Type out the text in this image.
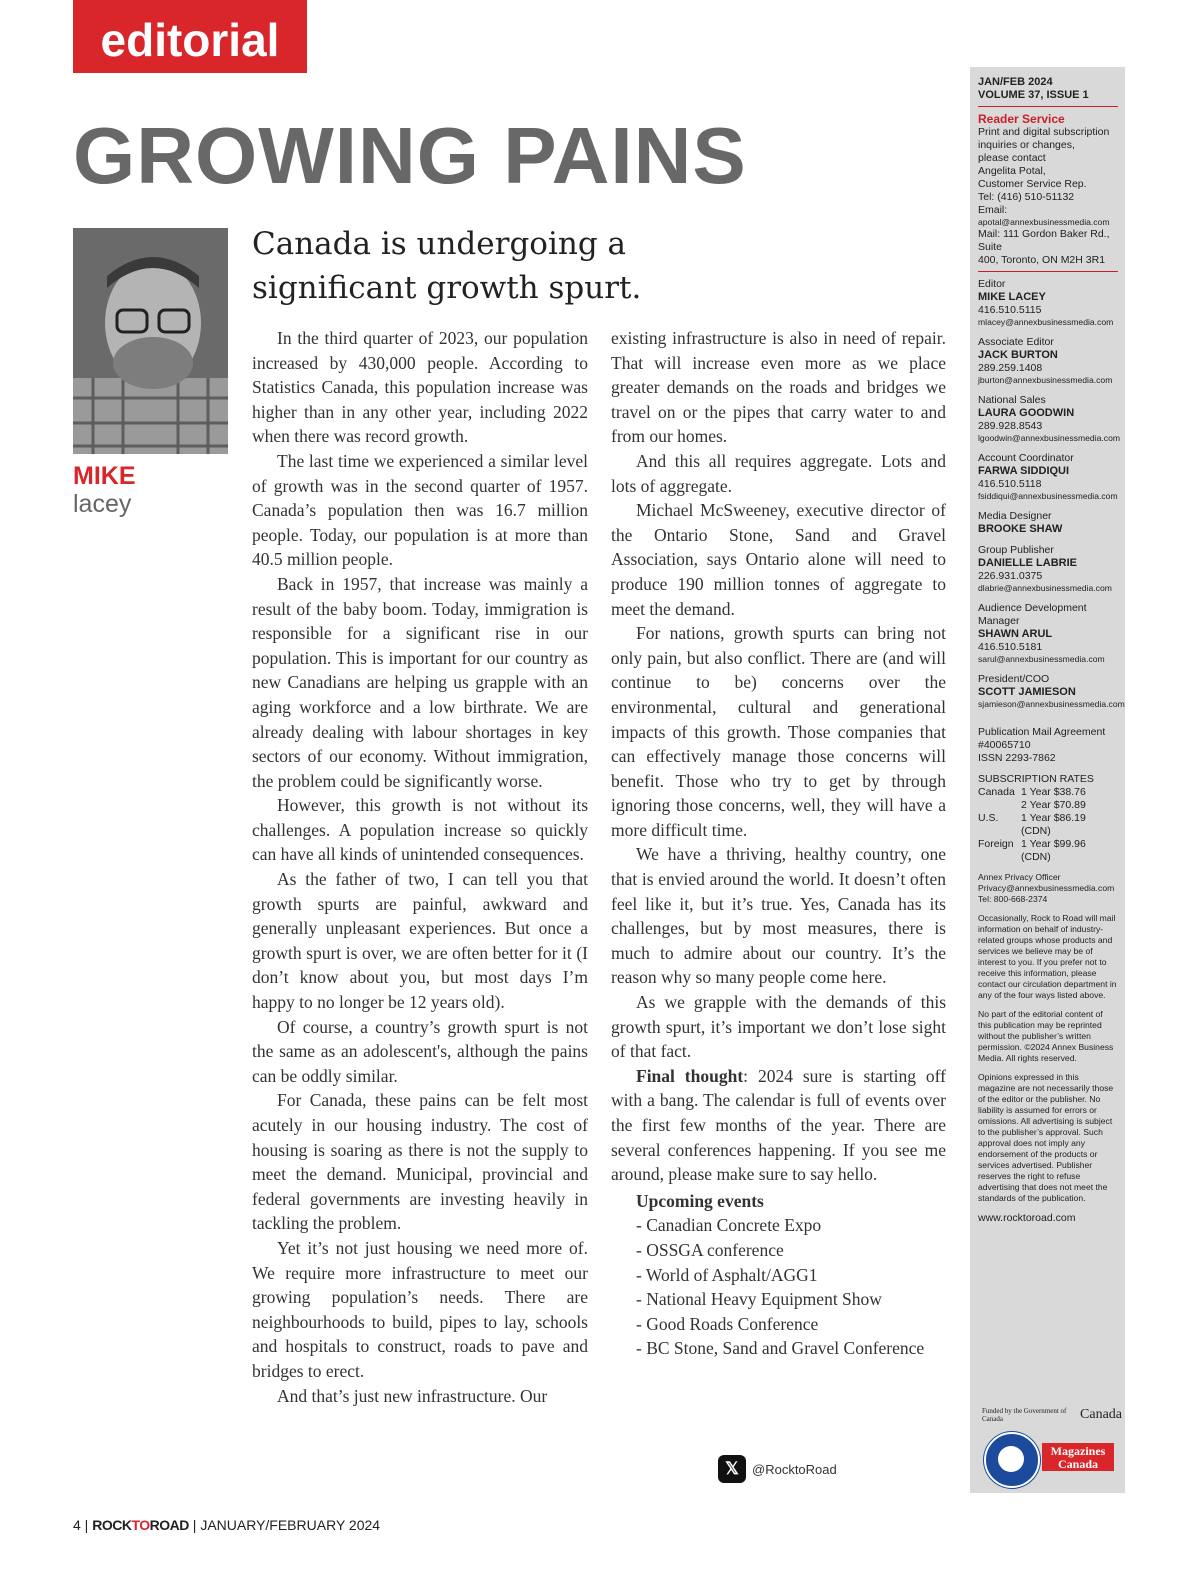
editorial
GROWING PAINS
MIKE
lacey
Canada is undergoing a significant growth spurt.

In the third quarter of 2023, our population increased by 430,000 people. According to Statistics Canada, this population increase was higher than in any other year, including 2022 when there was record growth.

The last time we experienced a similar level of growth was in the second quarter of 1957. Canada’s population then was 16.7 million people. Today, our population is at more than 40.5 million people.

Back in 1957, that increase was mainly a result of the baby boom. Today, immigration is responsible for a significant rise in our population. This is important for our country as new Canadians are helping us grapple with an aging workforce and a low birthrate. We are already dealing with labour shortages in key sectors of our economy. Without immigration, the problem could be significantly worse.

However, this growth is not without its challenges. A population increase so quickly can have all kinds of unintended consequences.

As the father of two, I can tell you that growth spurts are painful, awkward and generally unpleasant experiences. But once a growth spurt is over, we are often better for it (I don’t know about you, but most days I’m happy to no longer be 12 years old).

Of course, a country’s growth spurt is not the same as an adolescent's, although the pains can be oddly similar.

For Canada, these pains can be felt most acutely in our housing industry. The cost of housing is soaring as there is not the supply to meet the demand. Municipal, provincial and federal governments are investing heavily in tackling the problem.

Yet it’s not just housing we need more of. We require more infrastructure to meet our growing population’s needs. There are neighbourhoods to build, pipes to lay, schools and hospitals to construct, roads to pave and bridges to erect.

And that’s just new infrastructure. Our

existing infrastructure is also in need of repair. That will increase even more as we place greater demands on the roads and bridges we travel on or the pipes that carry water to and from our homes.

And this all requires aggregate. Lots and lots of aggregate.

Michael McSweeney, executive director of the Ontario Stone, Sand and Gravel Association, says Ontario alone will need to produce 190 million tonnes of aggregate to meet the demand.

For nations, growth spurts can bring not only pain, but also conflict. There are (and will continue to be) concerns over the environmental, cultural and generational impacts of this growth. Those companies that can effectively manage those concerns will benefit. Those who try to get by through ignoring those concerns, well, they will have a more difficult time.

We have a thriving, healthy country, one that is envied around the world. It doesn’t often feel like it, but it’s true. Yes, Canada has its challenges, but by most measures, there is much to admire about our country. It’s the reason why so many people come here.

As we grapple with the demands of this growth spurt, it’s important we don’t lose sight of that fact.

Final thought: 2024 sure is starting off with a bang. The calendar is full of events over the first few months of the year. There are several conferences happening. If you see me around, please make sure to say hello.

Upcoming events
- Canadian Concrete Expo
- OSSGA conference
- World of Asphalt/AGG1
- National Heavy Equipment Show
- Good Roads Conference
- BC Stone, Sand and Gravel Conference
𝕏	@RocktoRoad
JAN/FEB 2024
VOLUME 37, ISSUE 1
Reader Service
Print and digital subscription
inquiries or changes,
please contact
Angelita Potal,
Customer Service Rep.
Tel: (416) 510-51132
Email:
apotal@annexbusinessmedia.com
Mail: 111 Gordon Baker Rd., Suite
400, Toronto, ON M2H 3R1
Editor
MIKE LACEY
416.510.5115
mlacey@annexbusinessmedia.com
Associate Editor
JACK BURTON
289.259.1408
jburton@annexbusinessmedia.com
National Sales
LAURA GOODWIN
289.928.8543
lgoodwin@annexbusinessmedia.com
Account Coordinator
FARWA SIDDIQUI
416.510.5118
fsiddiqui@annexbusinessmedia.com
Media Designer
BROOKE SHAW
Group Publisher
DANIELLE LABRIE
226.931.0375
dlabrie@annexbusinessmedia.com
Audience Development Manager
SHAWN ARUL
416.510.5181
sarul@annexbusinessmedia.com
President/COO
SCOTT JAMIESON
sjamieson@annexbusinessmedia.com
Publication Mail Agreement
#40065710
ISSN 2293-7862
SUBSCRIPTION RATES
Canada	1 Year $38.76
	2 Year $70.89
U.S.	1 Year $86.19 (CDN)
Foreign	1 Year $99.96 (CDN)
Annex Privacy Officer
Privacy@annexbusinessmedia.com
Tel: 800-668-2374
Occasionally, Rock to Road will mail information on behalf of industry-related groups whose products and services we believe may be of interest to you. If you prefer not to receive this information, please contact our circulation department in any of the four ways listed above.
No part of the editorial content of this publication may be reprinted without the publisher’s written permission. ©2024 Annex Business Media. All rights reserved.
Opinions expressed in this magazine are not necessarily those of the editor or the publisher. No liability is assumed for errors or omissions. All advertising is subject to the publisher’s approval. Such approval does not imply any endorsement of the products or services advertised. Publisher reserves the right to refuse advertising that does not meet the standards of the publication.
www.rocktoroad.com
Funded by the Government of Canada	Canada
Magazines
Canada
4 | ROCKTOROAD | JANUARY/FEBRUARY 2024
